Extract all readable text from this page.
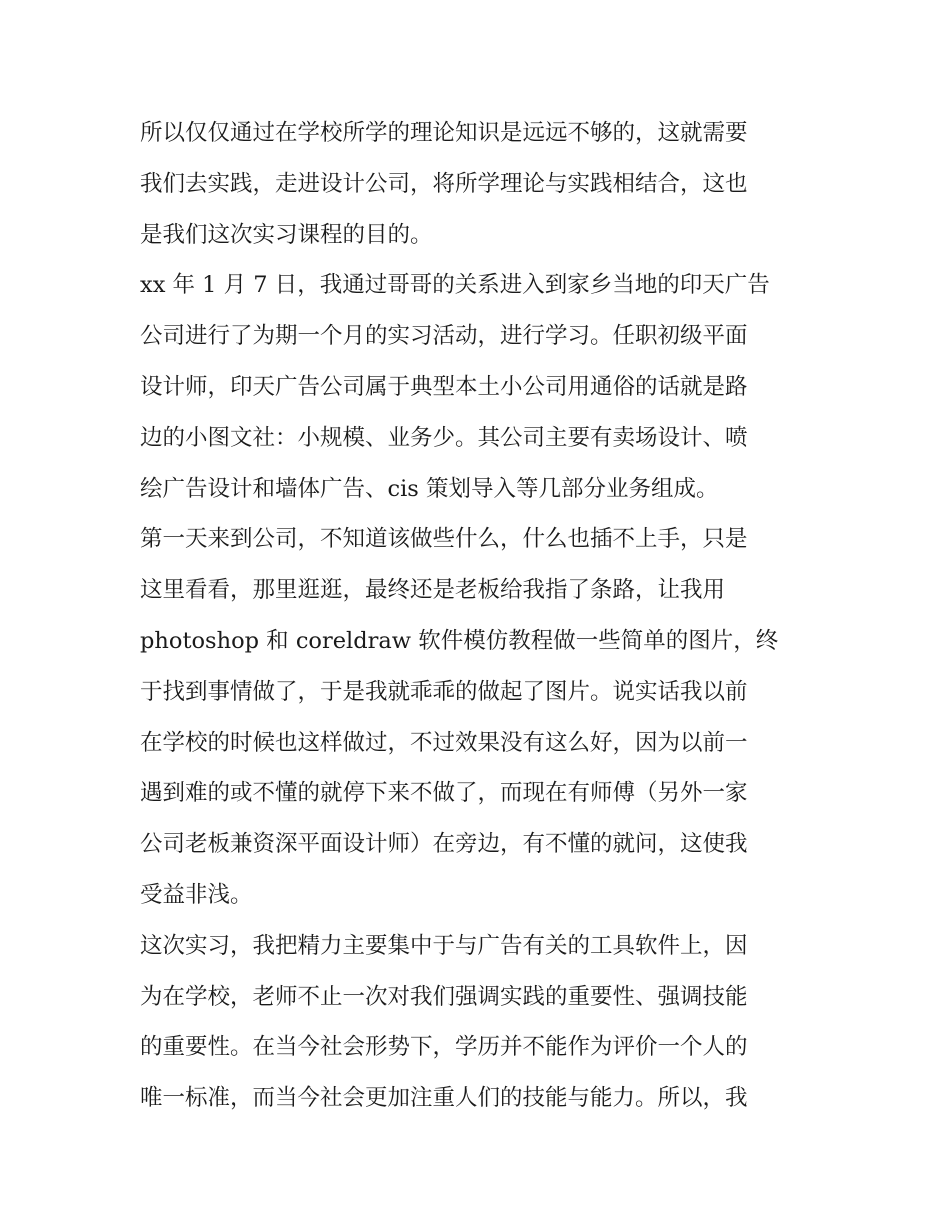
所以仅仅通过在学校所学的理论知识是远远不够的，这就需要

我们去实践，走进设计公司，将所学理论与实践相结合，这也

是我们这次实习课程的目的。

xx 年 1 月 7 日，我通过哥哥的关系进入到家乡当地的印天广告

公司进行了为期一个月的实习活动，进行学习。任职初级平面

设计师，印天广告公司属于典型本土小公司用通俗的话就是路

边的小图文社：小规模、业务少。其公司主要有卖场设计、喷

绘广告设计和墙体广告、cis 策划导入等几部分业务组成。

第一天来到公司，不知道该做些什么，什么也插不上手，只是

这里看看，那里逛逛，最终还是老板给我指了条路，让我用

photoshop 和 coreldraw 软件模仿教程做一些简单的图片，终

于找到事情做了，于是我就乖乖的做起了图片。说实话我以前

在学校的时候也这样做过，不过效果没有这么好，因为以前一

遇到难的或不懂的就停下来不做了，而现在有师傅（另外一家

公司老板兼资深平面设计师）在旁边，有不懂的就问，这使我

受益非浅。

这次实习，我把精力主要集中于与广告有关的工具软件上，因

为在学校，老师不止一次对我们强调实践的重要性、强调技能

的重要性。在当今社会形势下，学历并不能作为评价一个人的

唯一标准，而当今社会更加注重人们的技能与能力。所以，我
